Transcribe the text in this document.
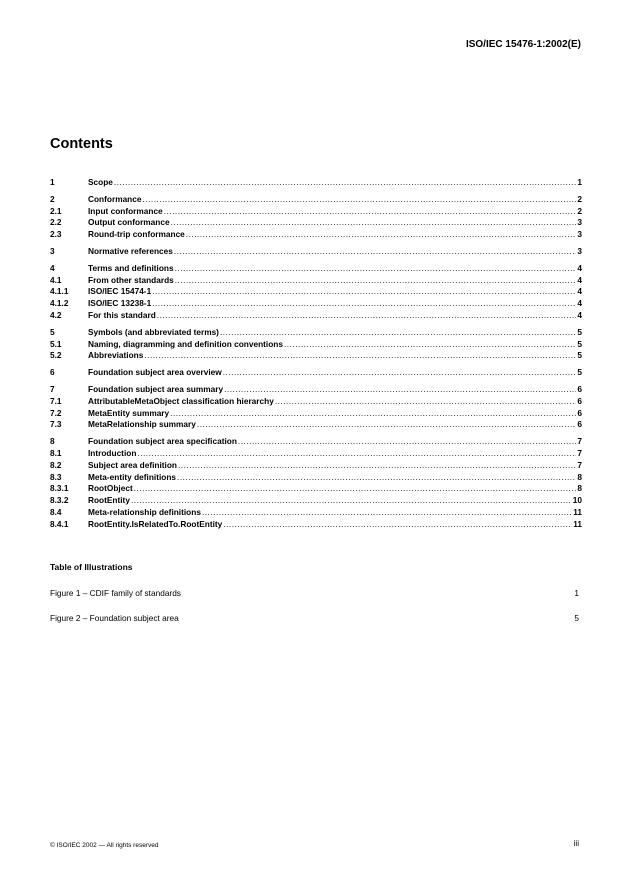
ISO/IEC 15476-1:2002(E)
Contents
1	Scope .....	1
2	Conformance .....	2
2.1	Input conformance .....	2
2.2	Output conformance .....	3
2.3	Round-trip conformance .....	3
3	Normative references .....	3
4	Terms and definitions .....	4
4.1	From other standards .....	4
4.1.1	ISO/IEC 15474-1 .....	4
4.1.2	ISO/IEC 13238-1 .....	4
4.2	For this standard .....	4
5	Symbols (and abbreviated terms) .....	5
5.1	Naming, diagramming and definition conventions .....	5
5.2	Abbreviations .....	5
6	Foundation subject area overview .....	5
7	Foundation subject area summary .....	6
7.1	AttributableMetaObject classification hierarchy .....	6
7.2	MetaEntity summary .....	6
7.3	MetaRelationship summary .....	6
8	Foundation subject area specification .....	7
8.1	Introduction .....	7
8.2	Subject area definition .....	7
8.3	Meta-entity definitions .....	8
8.3.1	RootObject .....	8
8.3.2	RootEntity .....	10
8.4	Meta-relationship definitions .....	11
8.4.1	RootEntity.IsRelatedTo.RootEntity .....	11
Table of Illustrations
Figure 1 – CDIF family of standards	1
Figure 2 – Foundation subject area	5
© ISO/IEC 2002 — All rights reserved	iii
